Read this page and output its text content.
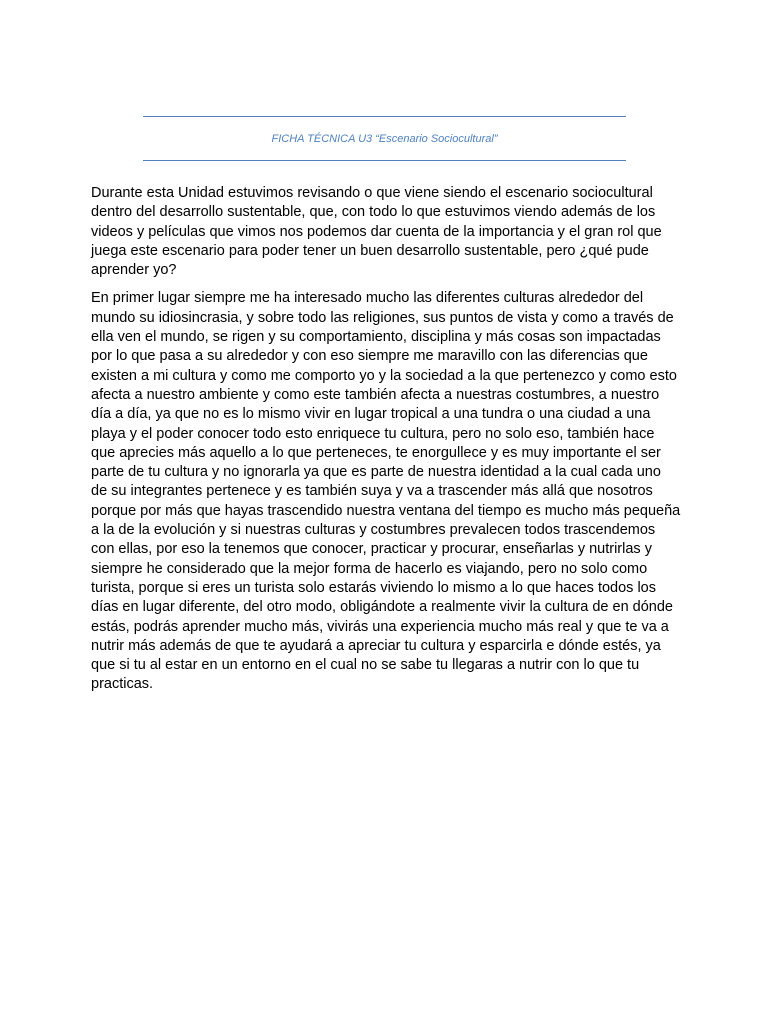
FICHA TÉCNICA U3 “Escenario Sociocultural”

Durante esta Unidad estuvimos revisando o que viene siendo el escenario sociocultural dentro del desarrollo sustentable, que, con todo lo que estuvimos viendo además de los videos y películas que vimos nos podemos dar cuenta de la importancia y el gran rol que juega este escenario para poder tener un buen desarrollo sustentable, pero ¿qué pude aprender yo?

En primer lugar siempre me ha interesado mucho las diferentes culturas alrededor del mundo su idiosincrasia, y sobre todo las religiones, sus puntos de vista y como a través de ella ven el mundo, se rigen y su comportamiento, disciplina y más cosas son impactadas por lo que pasa a su alrededor y con eso siempre me maravillo con las diferencias que existen a mi cultura y como me comporto yo y la sociedad a la que pertenezco y como esto afecta a nuestro ambiente y como este también afecta a nuestras costumbres, a nuestro día a día, ya que no es lo mismo vivir en lugar tropical a una tundra o una ciudad a una playa y el poder conocer todo esto enriquece tu cultura, pero no solo eso, también hace que aprecies más aquello a lo que perteneces, te enorgullece y es muy importante el ser parte de tu cultura y no ignorarla ya que es parte de nuestra identidad a la cual cada uno de su integrantes pertenece y es también suya y va a trascender más allá que nosotros porque por más que hayas trascendido nuestra ventana del tiempo es mucho más pequeña a la de la evolución y si nuestras culturas y costumbres prevalecen todos trascendemos con ellas, por eso la tenemos que conocer, practicar y procurar, enseñarlas y nutrirlas y siempre he considerado que la mejor forma de hacerlo es viajando, pero no solo como turista, porque si eres un turista solo estarás viviendo lo mismo a lo que haces todos los días en lugar diferente, del otro modo, obligándote a realmente vivir la cultura de en dónde estás, podrás aprender mucho más, vivirás una experiencia mucho más real y que te va a nutrir más además de que te ayudará a apreciar tu cultura y esparcirla e dónde estés, ya que si tu al estar en un entorno en el cual no se sabe tu llegaras a nutrir con lo que tu practicas.
